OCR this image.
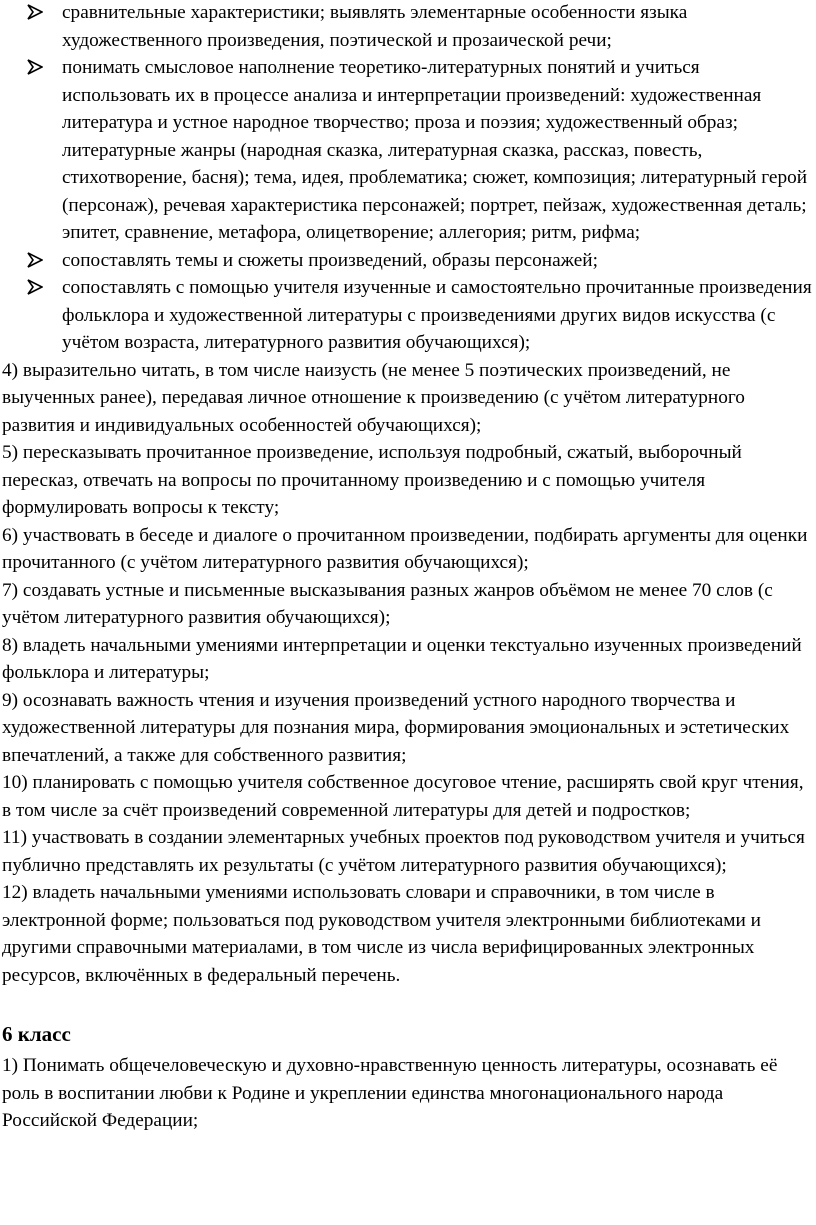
сравнительные характеристики; выявлять элементарные особенности языка художественного произведения, поэтической и прозаической речи;
понимать смысловое наполнение теоретико-литературных понятий и учиться использовать их в процессе анализа и интерпретации произведений: художественная литература и устное народное творчество; проза и поэзия; художественный образ; литературные жанры (народная сказка, литературная сказка, рассказ, повесть, стихотворение, басня); тема, идея, проблематика; сюжет, композиция; литературный герой (персонаж), речевая характеристика персонажей; портрет, пейзаж, художественная деталь; эпитет, сравнение, метафора, олицетворение; аллегория; ритм, рифма;
сопоставлять темы и сюжеты произведений, образы персонажей;
сопоставлять с помощью учителя изученные и самостоятельно прочитанные произведения фольклора и художественной литературы с произведениями других видов искусства (с учётом возраста, литературного развития обучающихся);

4) выразительно читать, в том числе наизусть (не менее 5 поэтических произведений, не выученных ранее), передавая личное отношение к произведению (с учётом литературного развития и индивидуальных особенностей обучающихся);

5) пересказывать прочитанное произведение, используя подробный, сжатый, выборочный пересказ, отвечать на вопросы по прочитанному произведению и с помощью учителя формулировать вопросы к тексту;

6) участвовать в беседе и диалоге о прочитанном произведении, подбирать аргументы для оценки прочитанного (с учётом литературного развития обучающихся);

7) создавать устные и письменные высказывания разных жанров объёмом не менее 70 слов (с учётом литературного развития обучающихся);

8) владеть начальными умениями интерпретации и оценки текстуально изученных произведений фольклора и литературы;

9) осознавать важность чтения и изучения произведений устного народного творчества и художественной литературы для познания мира, формирования эмоциональных и эстетических впечатлений, а также для собственного развития;

10) планировать с помощью учителя собственное досуговое чтение, расширять свой круг чтения, в том числе за счёт произведений современной литературы для детей и подростков;

11) участвовать в создании элементарных учебных проектов под руководством учителя и учиться публично представлять их результаты (с учётом литературного развития обучающихся);

12) владеть начальными умениями использовать словари и справочники, в том числе в электронной форме; пользоваться под руководством учителя электронными библиотеками и другими справочными материалами, в том числе из числа верифицированных электронных ресурсов, включённых в федеральный перечень.

6 класс

1) Понимать общечеловеческую и духовно-нравственную ценность литературы, осознавать её роль в воспитании любви к Родине и укреплении единства многонационального народа Российской Федерации;
